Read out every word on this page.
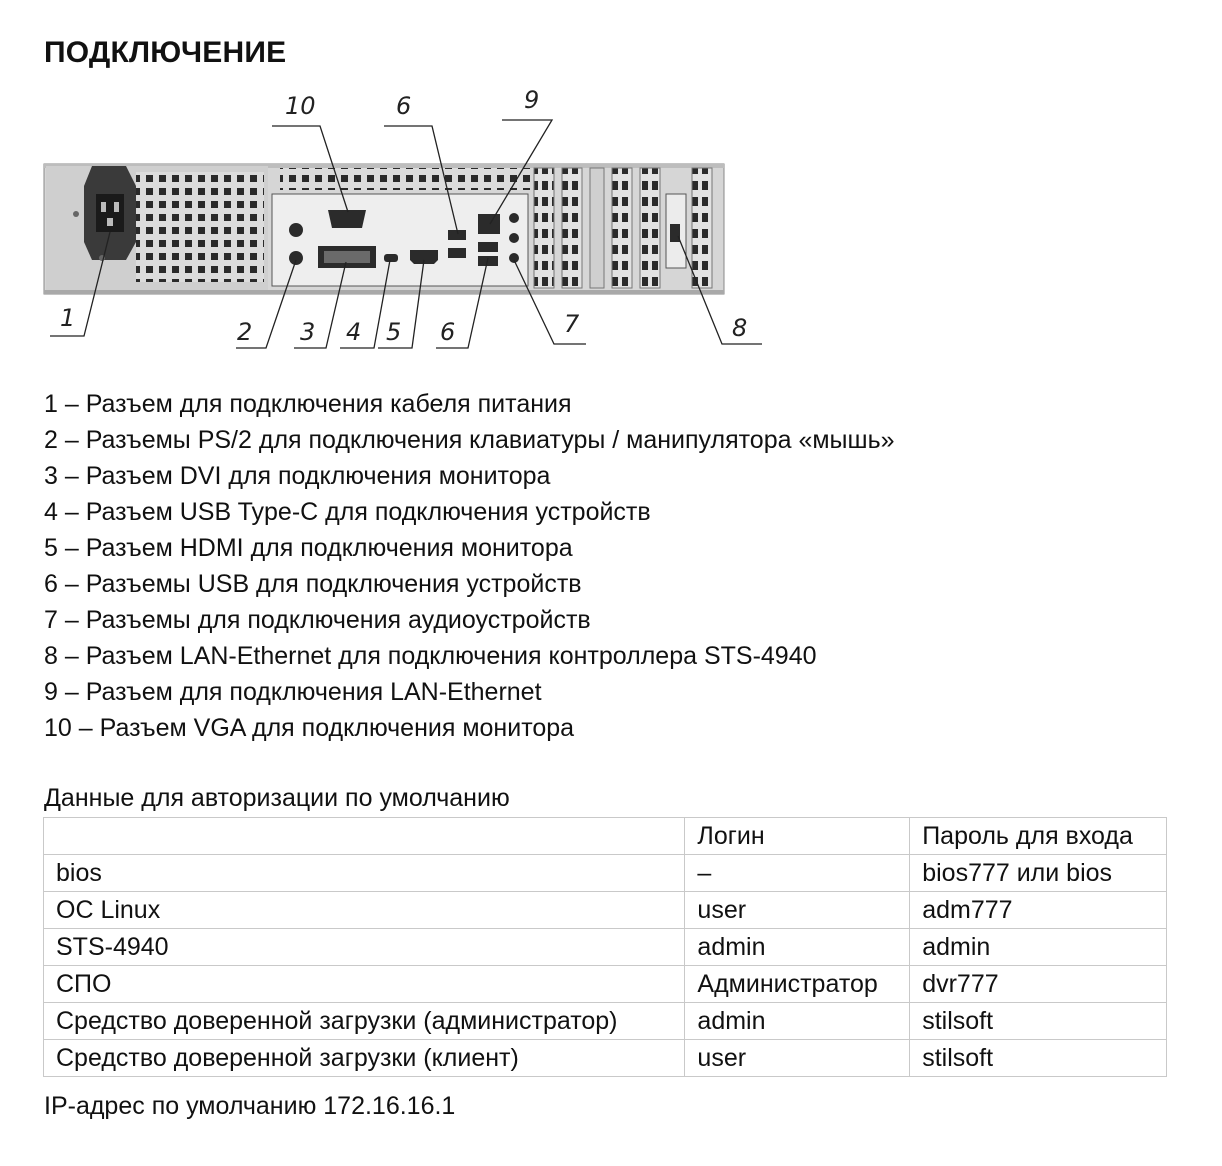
ПОДКЛЮЧЕНИЕ
10	6	9
1	2 3 4 5 6	7	8
1 – Разъем для подключения кабеля питания
2 – Разъемы PS/2 для подключения клавиатуры / манипулятора «мышь»
3 – Разъем DVI для подключения монитора
4 – Разъем USB Type-C для подключения устройств
5 – Разъем HDMI для подключения монитора
6 – Разъемы USB для подключения устройств
7 – Разъемы для подключения аудиоустройств
8 – Разъем LAN-Ethernet для подключения контроллера STS-4940
9 – Разъем для подключения LAN-Ethernet
10 – Разъем VGA для подключения монитора
Данные для авторизации по умолчанию
	Логин	Пароль для входа
bios	–	bios777 или bios
ОС Linux	user	adm777
STS-4940	admin	admin
СПО	Администратор	dvr777
Средство доверенной загрузки (администратор)	admin	stilsoft
Средство доверенной загрузки (клиент)	user	stilsoft
IP-адрес по умолчанию 172.16.16.1
